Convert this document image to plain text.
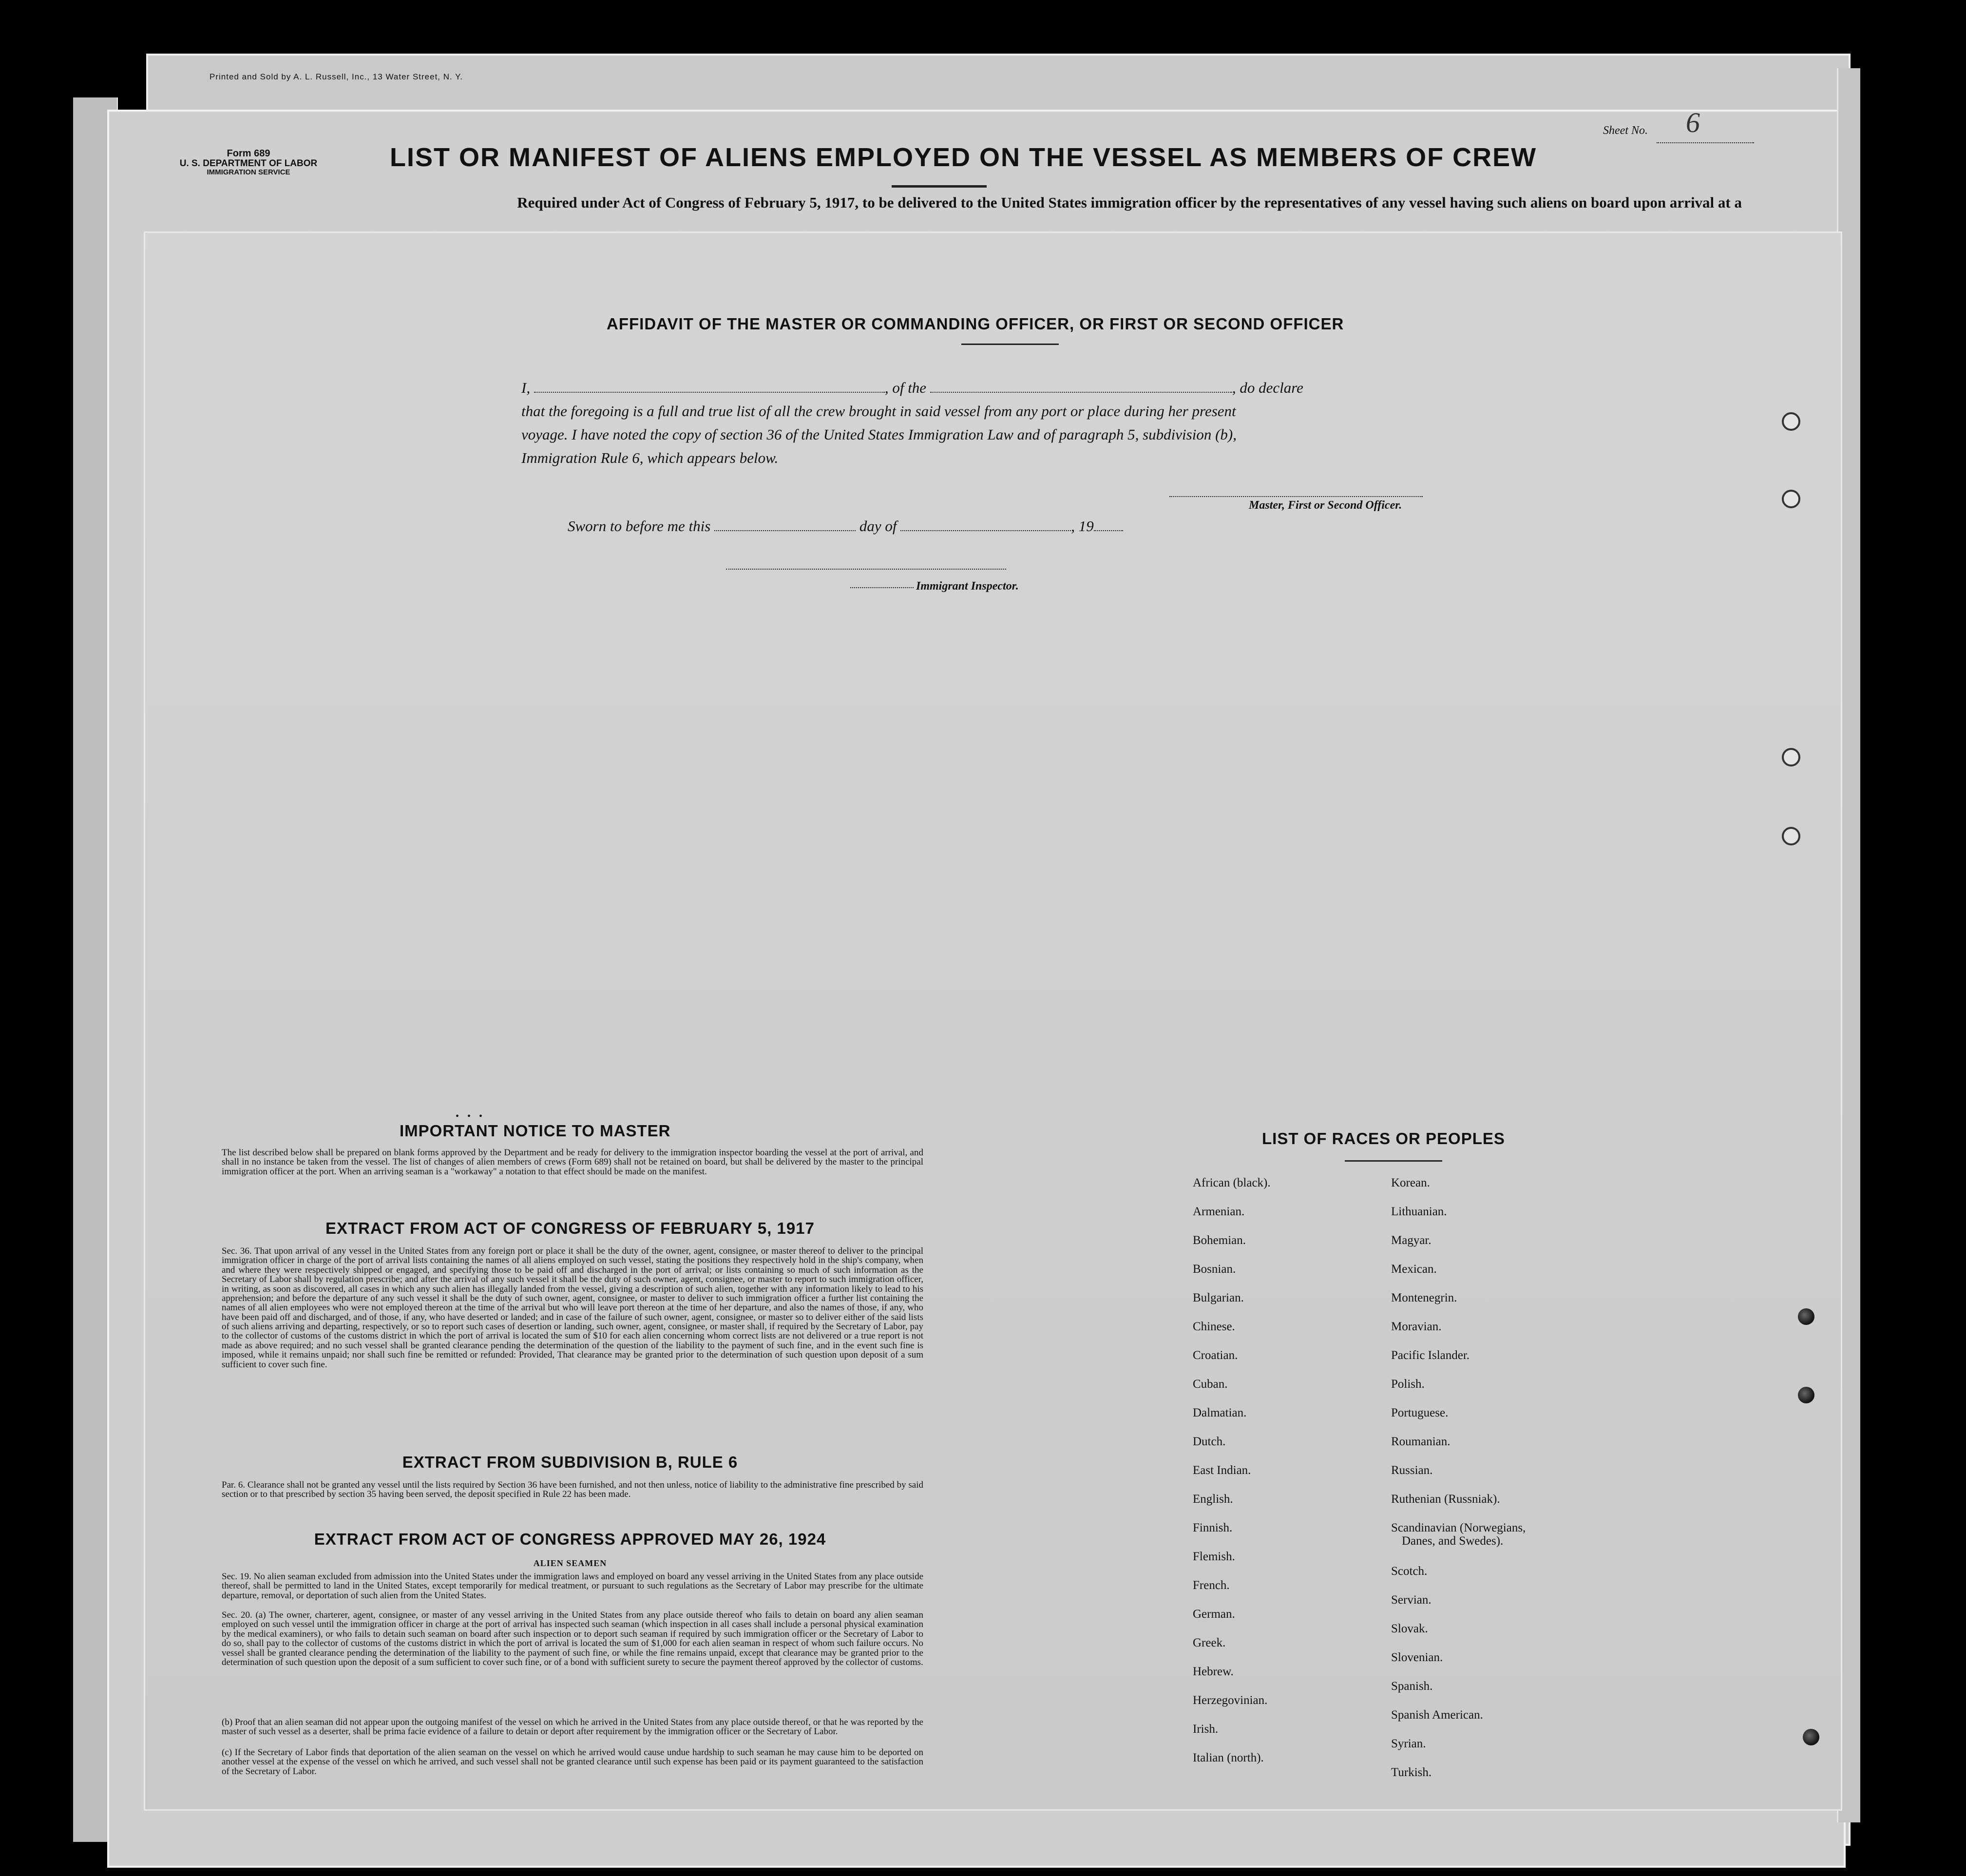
Printed and Sold by A. L. Russell, Inc., 13 Water Street, N. Y.
Sheet No. 6
Form 689
U. S. DEPARTMENT OF LABOR
IMMIGRATION SERVICE
LIST OR MANIFEST OF ALIENS EMPLOYED ON THE VESSEL AS MEMBERS OF CREW
Required under Act of Congress of February 5, 1917, to be delivered to the United States immigration officer by the representatives of any vessel having such aliens on board upon arrival at a
AFFIDAVIT OF THE MASTER OR COMMANDING OFFICER, OR FIRST OR SECOND OFFICER
I,	, of the	, do declare
that the foregoing is a full and true list of all the crew brought in said vessel from any port or place during her present
voyage. I have noted the copy of section 36 of the United States Immigration Law and of paragraph 5, subdivision (b),
Immigration Rule 6, which appears below.
Master, First or Second Officer.
Sworn to before me this	day of	, 19
Immigrant Inspector.
• • •
IMPORTANT NOTICE TO MASTER
The list described below shall be prepared on blank forms approved by the Department and be ready for delivery to the immigration inspector boarding the vessel at the port of arrival, and shall in no instance be taken from the vessel. The list of changes of alien members of crews (Form 689) shall not be retained on board, but shall be delivered by the master to the principal immigration officer at the port. When an arriving seaman is a "workaway" a notation to that effect should be made on the manifest.
EXTRACT FROM ACT OF CONGRESS OF FEBRUARY 5, 1917
Sec. 36. That upon arrival of any vessel in the United States from any foreign port or place it shall be the duty of the owner, agent, consignee, or master thereof to deliver to the principal immigration officer in charge of the port of arrival lists containing the names of all aliens employed on such vessel, stating the positions they respectively hold in the ship's company, when and where they were respectively shipped or engaged, and specifying those to be paid off and discharged in the port of arrival; or lists containing so much of such information as the Secretary of Labor shall by regulation prescribe; and after the arrival of any such vessel it shall be the duty of such owner, agent, consignee, or master to report to such immigration officer, in writing, as soon as discovered, all cases in which any such alien has illegally landed from the vessel, giving a description of such alien, together with any information likely to lead to his apprehension; and before the departure of any such vessel it shall be the duty of such owner, agent, consignee, or master to deliver to such immigration officer a further list containing the names of all alien employees who were not employed thereon at the time of the arrival but who will leave port thereon at the time of her departure, and also the names of those, if any, who have been paid off and discharged, and of those, if any, who have deserted or landed; and in case of the failure of such owner, agent, consignee, or master so to deliver either of the said lists of such aliens arriving and departing, respectively, or so to report such cases of desertion or landing, such owner, agent, consignee, or master shall, if required by the Secretary of Labor, pay to the collector of customs of the customs district in which the port of arrival is located the sum of $10 for each alien concerning whom correct lists are not delivered or a true report is not made as above required; and no such vessel shall be granted clearance pending the determination of the question of the liability to the payment of such fine, and in the event such fine is imposed, while it remains unpaid; nor shall such fine be remitted or refunded: Provided, That clearance may be granted prior to the determination of such question upon deposit of a sum sufficient to cover such fine.
EXTRACT FROM SUBDIVISION B, RULE 6
Par. 6. Clearance shall not be granted any vessel until the lists required by Section 36 have been furnished, and not then unless, notice of liability to the administrative fine prescribed by said section or to that prescribed by section 35 having been served, the deposit specified in Rule 22 has been made.
EXTRACT FROM ACT OF CONGRESS APPROVED MAY 26, 1924
ALIEN SEAMEN
Sec. 19. No alien seaman excluded from admission into the United States under the immigration laws and employed on board any vessel arriving in the United States from any place outside thereof, shall be permitted to land in the United States, except temporarily for medical treatment, or pursuant to such regulations as the Secretary of Labor may prescribe for the ultimate departure, removal, or deportation of such alien from the United States.
Sec. 20. (a) The owner, charterer, agent, consignee, or master of any vessel arriving in the United States from any place outside thereof who fails to detain on board any alien seaman employed on such vessel until the immigration officer in charge at the port of arrival has inspected such seaman (which inspection in all cases shall include a personal physical examination by the medical examiners), or who fails to detain such seaman on board after such inspection or to deport such seaman if required by such immigration officer or the Secretary of Labor to do so, shall pay to the collector of customs of the customs district in which the port of arrival is located the sum of $1,000 for each alien seaman in respect of whom such failure occurs. No vessel shall be granted clearance pending the determination of the liability to the payment of such fine, or while the fine remains unpaid, except that clearance may be granted prior to the determination of such question upon the deposit of a sum sufficient to cover such fine, or of a bond with sufficient surety to secure the payment thereof approved by the collector of customs.
(b) Proof that an alien seaman did not appear upon the outgoing manifest of the vessel on which he arrived in the United States from any place outside thereof, or that he was reported by the master of such vessel as a deserter, shall be prima facie evidence of a failure to detain or deport after requirement by the immigration officer or the Secretary of Labor.
(c) If the Secretary of Labor finds that deportation of the alien seaman on the vessel on which he arrived would cause undue hardship to such seaman he may cause him to be deported on another vessel at the expense of the vessel on which he arrived, and such vessel shall not be granted clearance until such expense has been paid or its payment guaranteed to the satisfaction of the Secretary of Labor.
LIST OF RACES OR PEOPLES
African (black).
Armenian.
Bohemian.
Bosnian.
Bulgarian.
Chinese.
Croatian.
Cuban.
Dalmatian.
Dutch.
East Indian.
English.
Finnish.
Flemish.
French.
German.
Greek.
Hebrew.
Herzegovinian.
Irish.
Italian (north).
Korean.
Lithuanian.
Magyar.
Mexican.
Montenegrin.
Moravian.
Pacific Islander.
Polish.
Portuguese.
Roumanian.
Russian.
Ruthenian (Russniak).
Scandinavian (Norwegians,
Danes, and Swedes).
Scotch.
Servian.
Slovak.
Slovenian.
Spanish.
Spanish American.
Syrian.
Turkish.
